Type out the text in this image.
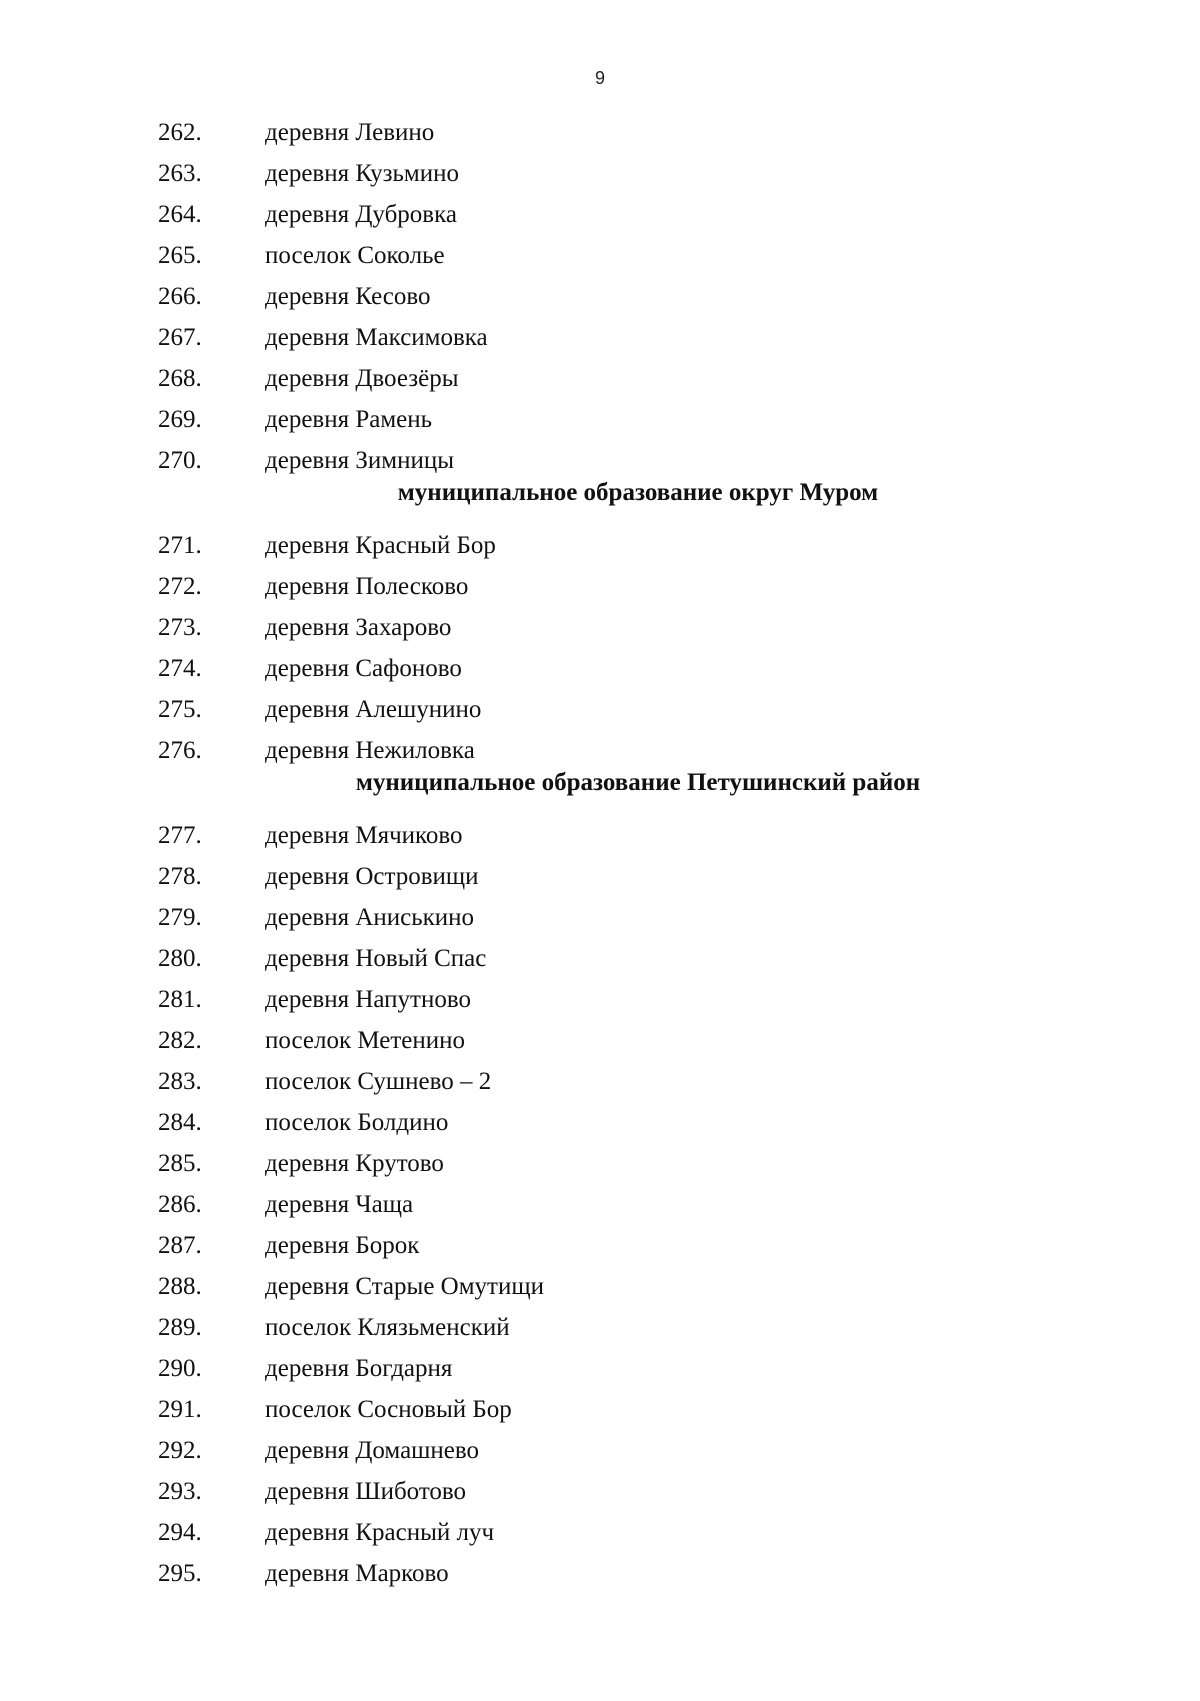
9
262.	деревня Левино
263.	деревня Кузьмино
264.	деревня Дубровка
265.	поселок Соколье
266.	деревня Кесово
267.	деревня Максимовка
268.	деревня Двоезёры
269.	деревня Рамень
270.	деревня Зимницы
муниципальное образование округ Муром
271.	деревня Красный Бор
272.	деревня Полесково
273.	деревня Захарово
274.	деревня Сафоново
275.	деревня Алешунино
276.	деревня Нежиловка
муниципальное образование Петушинский район
277.	деревня Мячиково
278.	деревня Островищи
279.	деревня Аниськино
280.	деревня Новый Спас
281.	деревня Напутново
282.	поселок Метенино
283.	поселок Сушнево – 2
284.	поселок Болдино
285.	деревня Крутово
286.	деревня Чаща
287.	деревня Борок
288.	деревня Старые Омутищи
289.	поселок Клязьменский
290.	деревня Богдарня
291.	поселок Сосновый Бор
292.	деревня Домашнево
293.	деревня Шиботово
294.	деревня Красный луч
295.	деревня Марково
